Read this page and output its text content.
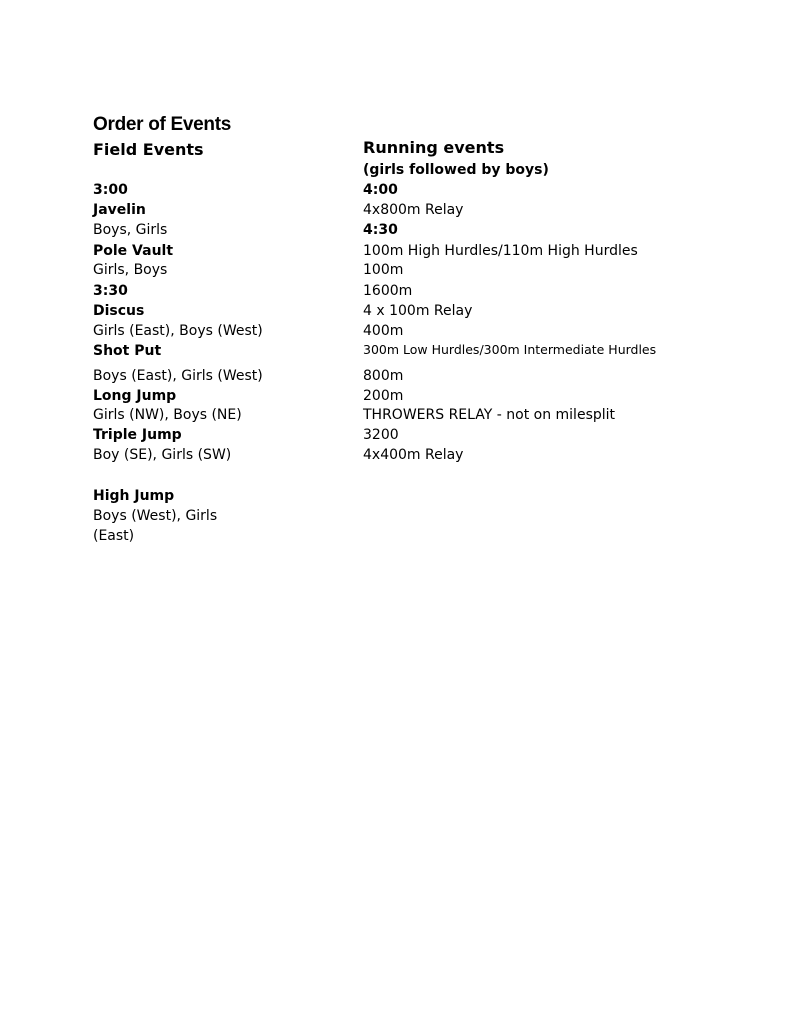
Order of Events
Field Events
3:00
Javelin
Boys, Girls
Pole Vault
Girls, Boys
3:30
Discus
Girls (East), Boys (West)
Shot Put
Boys (East), Girls (West)
Long Jump
Girls (NW), Boys (NE)
Triple Jump
Boy (SE), Girls (SW)
High Jump
Boys (West), Girls
(East)
Running events
(girls followed by boys)
4:00
4x800m Relay
4:30
100m High Hurdles/110m High Hurdles
100m
1600m
4 x 100m Relay
400m
300m Low Hurdles/300m Intermediate Hurdles
800m
200m
THROWERS RELAY - not on milesplit
3200
4x400m Relay
